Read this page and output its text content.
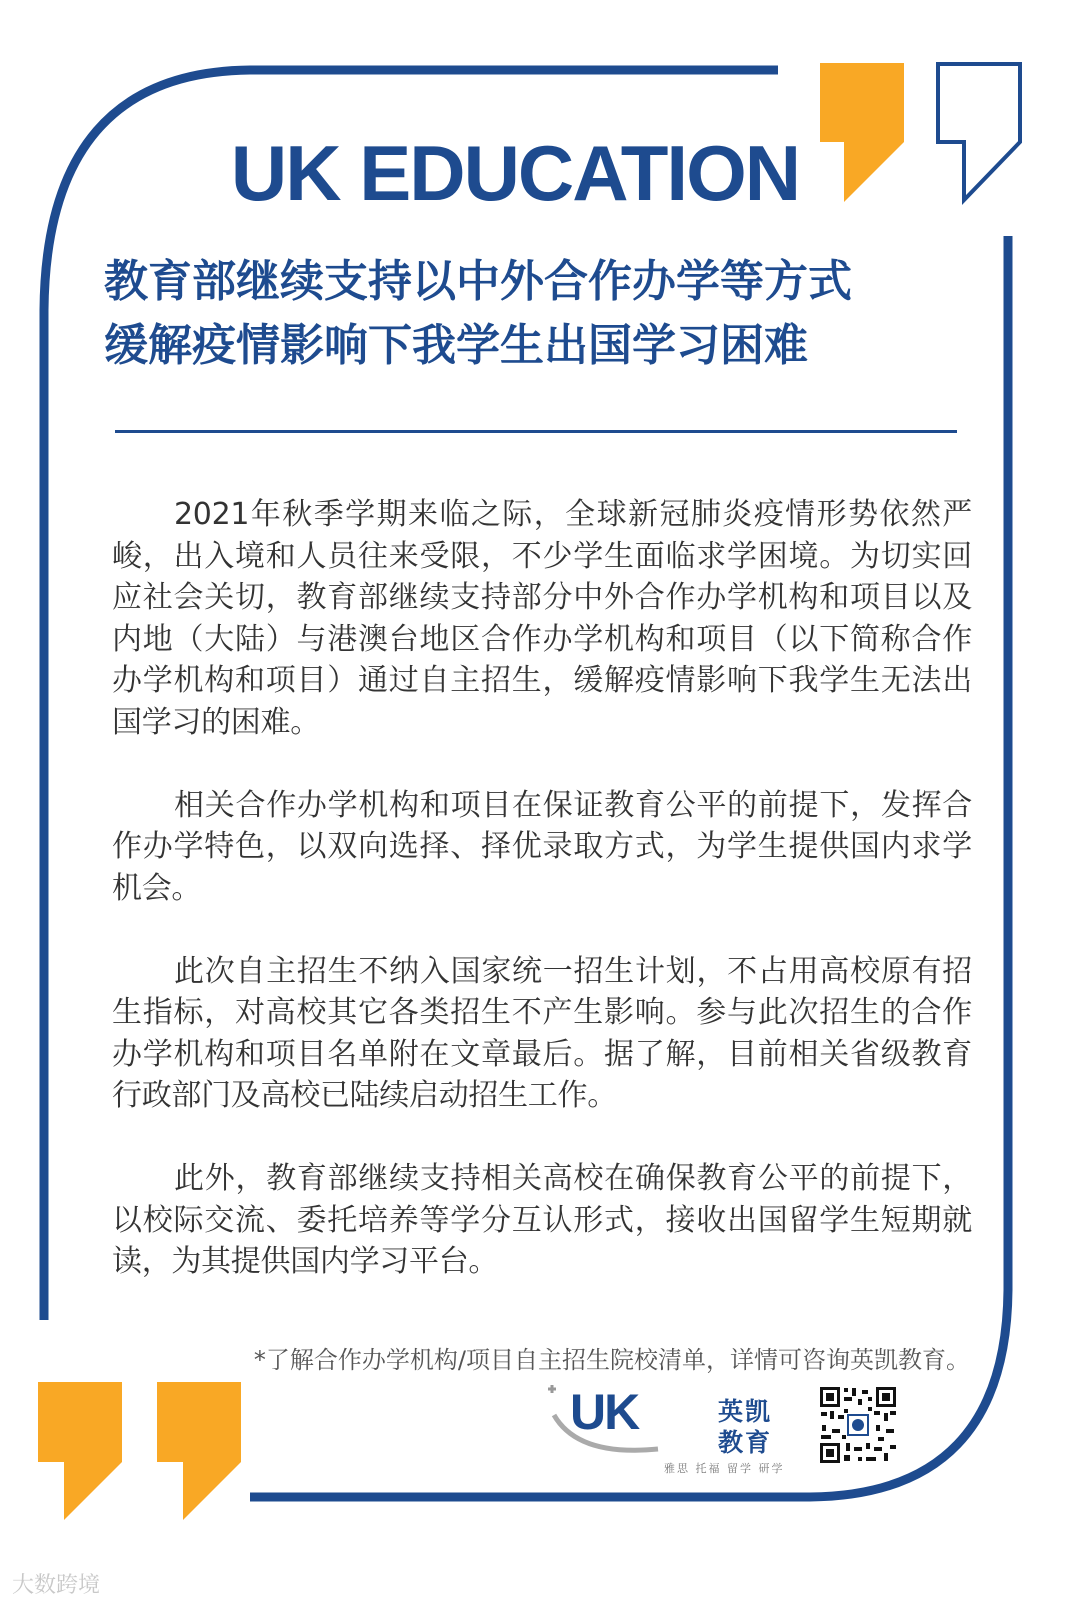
UK EDUCATION
教育部继续支持以中外合作办学等方式
缓解疫情影响下我学生出国学习困难

2021年秋季学期来临之际，全球新冠肺炎疫情形势依然严峻，出入境和人员往来受限，不少学生面临求学困境。为切实回应社会关切，教育部继续支持部分中外合作办学机构和项目以及内地（大陆）与港澳台地区合作办学机构和项目（以下简称合作办学机构和项目）通过自主招生，缓解疫情影响下我学生无法出国学习的困难。

相关合作办学机构和项目在保证教育公平的前提下，发挥合作办学特色，以双向选择、择优录取方式，为学生提供国内求学机会。

此次自主招生不纳入国家统一招生计划，不占用高校原有招生指标，对高校其它各类招生不产生影响。参与此次招生的合作办学机构和项目名单附在文章最后。据了解，目前相关省级教育行政部门及高校已陆续启动招生工作。

此外，教育部继续支持相关高校在确保教育公平的前提下，以校际交流、委托培养等学分互认形式，接收出国留学生短期就读，为其提供国内学习平台。

*了解合作办学机构/项目自主招生院校清单，详情可咨询英凯教育。
UK	英凯教育
雅思 托福 留学 研学
大数跨境
